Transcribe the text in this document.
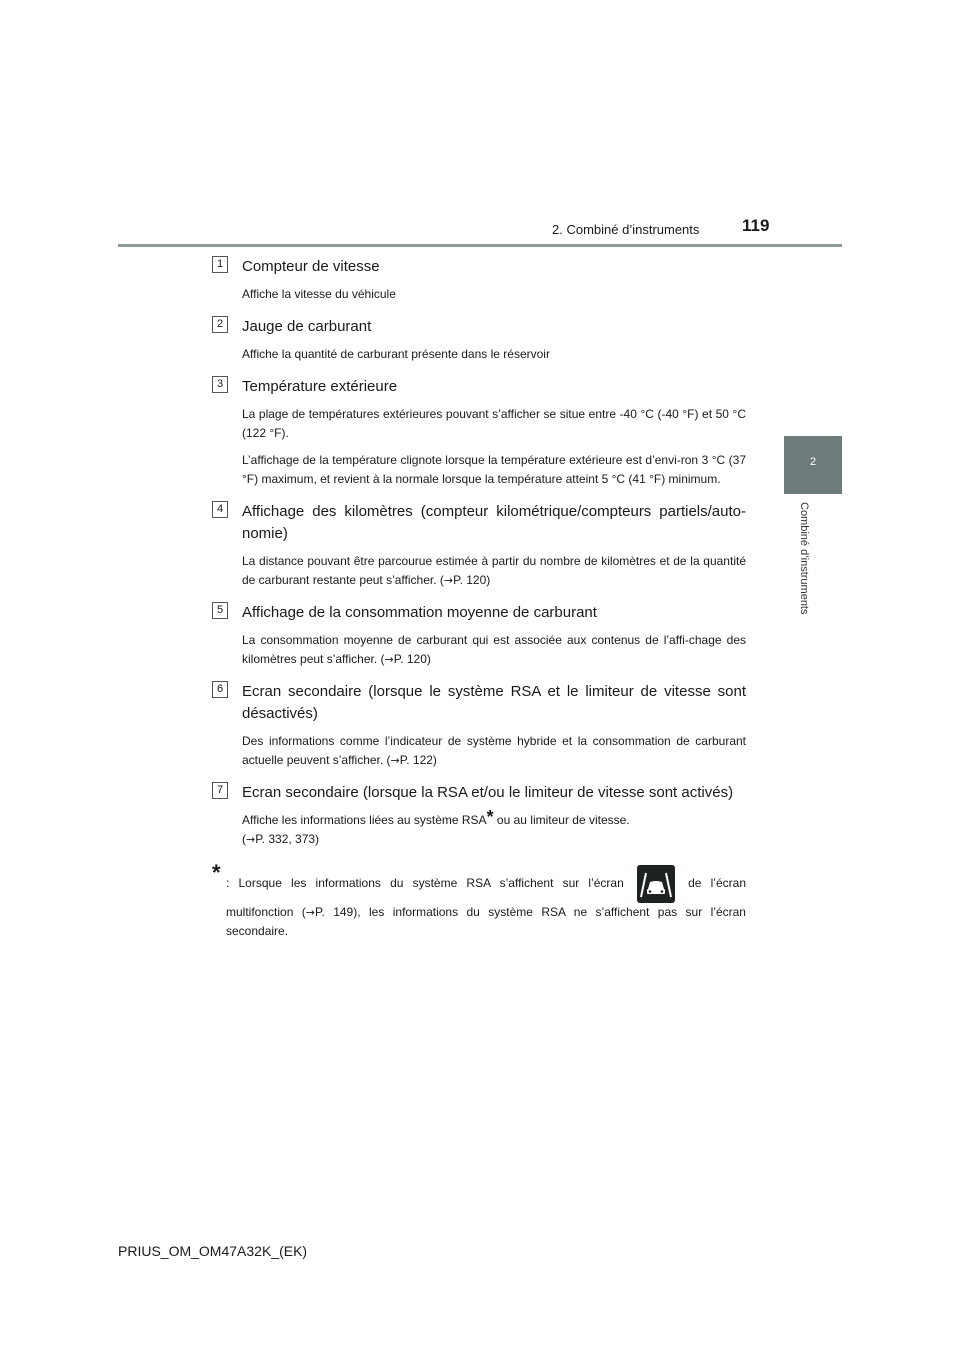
2. Combiné d’instruments	119
2
Combiné d’instruments
1	Compteur de vitesse
Affiche la vitesse du véhicule
2	Jauge de carburant
Affiche la quantité de carburant présente dans le réservoir
3	Température extérieure
La plage de températures extérieures pouvant s’afficher se situe entre -40 °C (-40 °F) et 50 °C (122 °F).
L’affichage de la température clignote lorsque la température extérieure est d’envi-ron 3 °C (37 °F) maximum, et revient à la normale lorsque la température atteint 5 °C (41 °F) minimum.
4	Affichage des kilomètres (compteur kilométrique/compteurs partiels/auto-nomie)
La distance pouvant être parcourue estimée à partir du nombre de kilomètres et de la quantité de carburant restante peut s’afficher. (→P. 120)
5	Affichage de la consommation moyenne de carburant
La consommation moyenne de carburant qui est associée aux contenus de l’affi-chage des kilomètres peut s’afficher. (→P. 120)
6	Ecran secondaire (lorsque le système RSA et le limiteur de vitesse sont désactivés)
Des informations comme l’indicateur de système hybride et la consommation de carburant actuelle peuvent s’afficher. (→P. 122)
7	Ecran secondaire (lorsque la RSA et/ou le limiteur de vitesse sont activés)
Affiche les informations liées au système RSA* ou au limiteur de vitesse.
(→P. 332, 373)
* : Lorsque les informations du système RSA s’affichent sur l’écran	de l’écran multifonction (→P. 149), les informations du système RSA ne s’affichent pas sur l’écran secondaire.
PRIUS_OM_OM47A32K_(EK)
